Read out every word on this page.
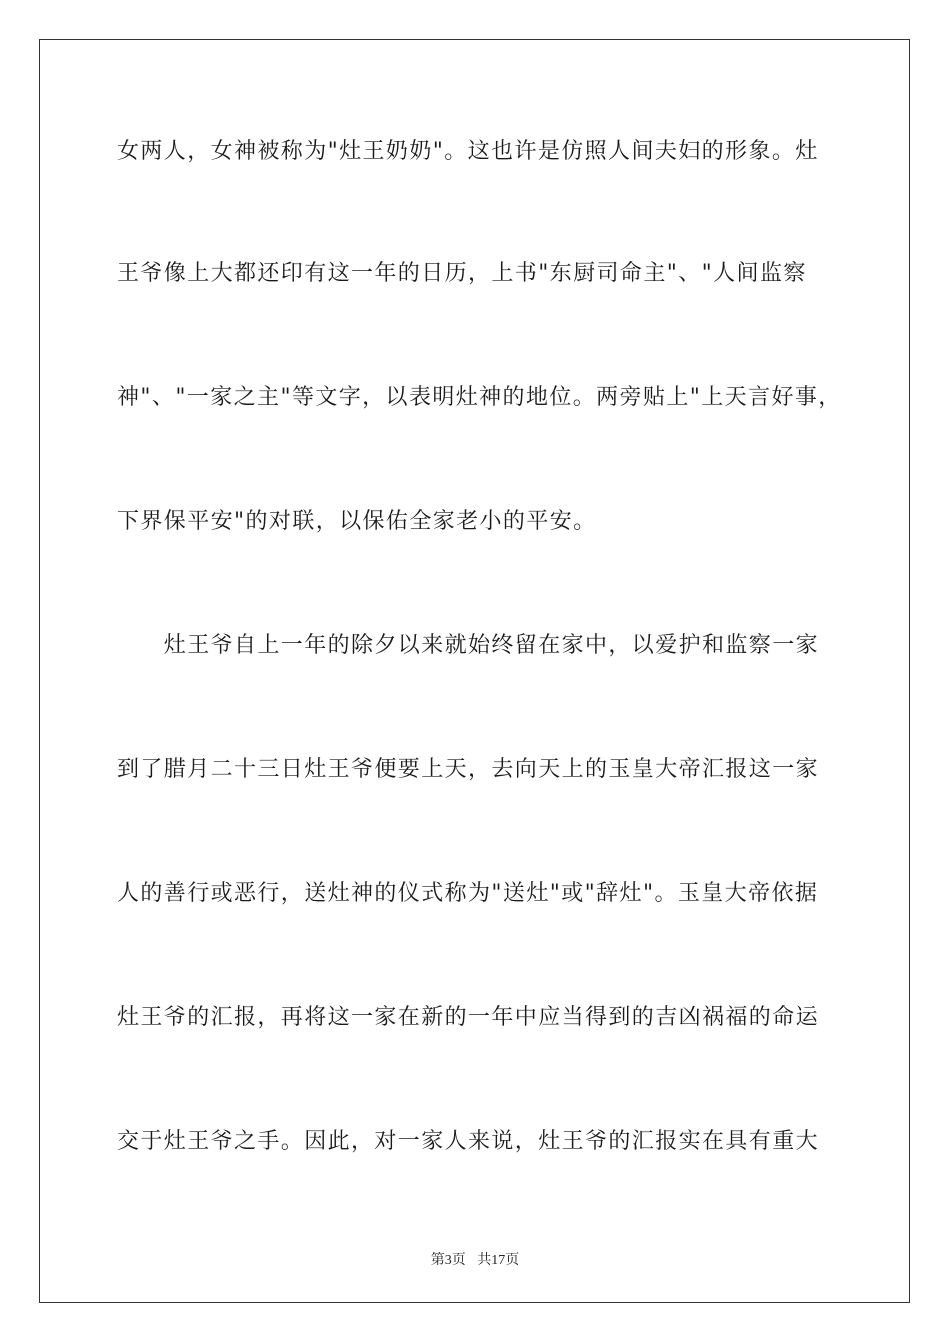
女两人，女神被称为"灶王奶奶"。这也许是仿照人间夫妇的形象。灶
王爷像上大都还印有这一年的日历，上书"东厨司命主"、"人间监察
神"、"一家之主"等文字，以表明灶神的地位。两旁贴上"上天言好事，
下界保平安"的对联，以保佑全家老小的平安。
　　灶王爷自上一年的除夕以来就始终留在家中，以爱护和监察一家
到了腊月二十三日灶王爷便要上天，去向天上的玉皇大帝汇报这一家
人的善行或恶行，送灶神的仪式称为"送灶"或"辞灶"。玉皇大帝依据
灶王爷的汇报，再将这一家在新的一年中应当得到的吉凶祸福的命运
交于灶王爷之手。因此，对一家人来说，灶王爷的汇报实在具有重大
第3页 共17页
